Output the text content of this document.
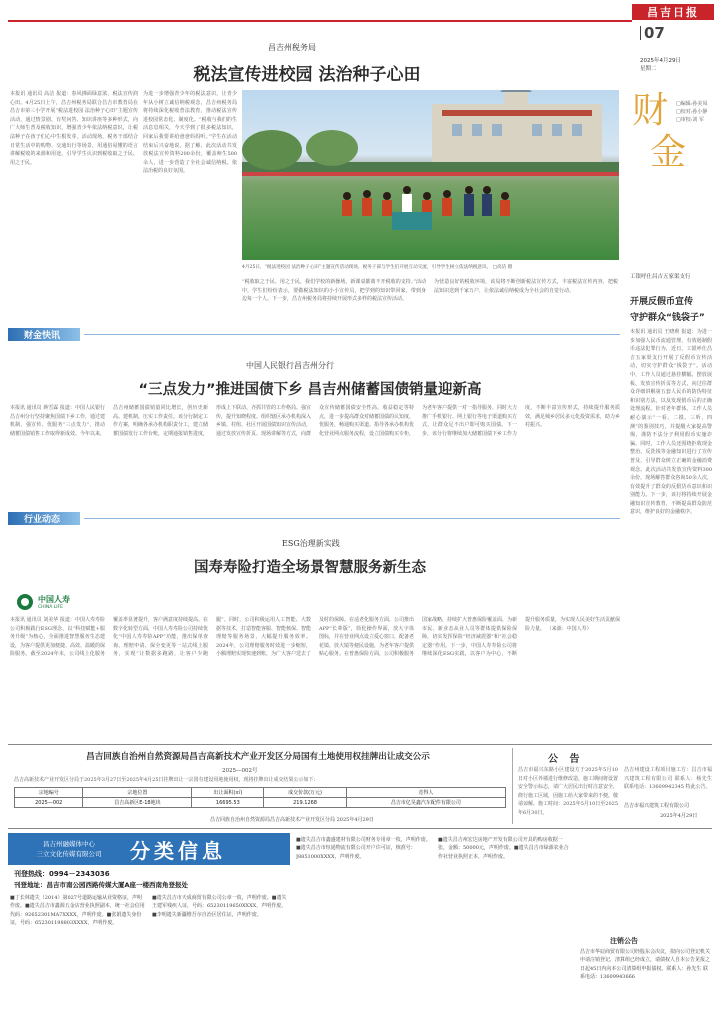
昌吉日报
07
2025年4月29日
星期二
财
金
□编辑:孙美凤
□校对:孙小静
□审校:刘 军
昌吉州税务局
税法宣传进校园 法治种子心田
本报讯 通讯员 高洁 报道：春风拂面绿意浓，税法宣传润心田。4月25日上午，昌吉州税务局联合昌吉市教育局在昌吉市第三小学开展“税法进校园 法治种子心田”主题宣传活动，通过情景剧、有奖问答、知识讲座等多种形式，向广大师生普及税收知识，增强青少年依法纳税意识，让税法种子在孩子们心中生根发芽。活动现场，税务干部结合日常生活中的购物、交通出行等场景，用通俗易懂的语言讲解税收的来源和用途，引导学生认识到税收取之于民、用之于民。
为进一步增强青少年的税法意识，让青少年从小树立诚信纳税观念，昌吉州税务局将持续深化税收普法教育，推动税法宣传进校园常态化、制度化。“税收与我们的生活息息相关，今天学到了很多税法知识，回家后我要讲给爸爸妈妈听。”学生在活动结束后兴奋地说。据了解，此次活动共发放税法宣传资料200余份，覆盖师生500余人，进一步营造了全社会诚信纳税、依法治税的良好氛围。
4月25日，“税法进校园 法治种子心田”主题宣传活动现场，税务干部与学生们开展互动交流，引导学生树立依法纳税意识。 □高洁 摄
“税收取之于民、用之于民，我们学校的新操场、新课桌都离不开税收的支持。”活动中，学生们纷纷表示，要做税法知识的小小宣传员，把学到的知识带回家，带到身边每一个人。下一步，昌吉州税务局将持续开展形式多样的税法宣传活动。
为营造良好的税收环境，该局将不断创新税法宣传方式，丰富税法宣传内容，把税法知识送到千家万户，让依法诚信纳税成为全社会的自觉行动。
财金快讯
中国人民银行昌吉州分行
“三点发力”推进国债下乡 昌吉州储蓄国债销量迎新高
本报讯 通讯员 蒋雪霖 报道：中国人民银行昌吉州分行坚持聚焦国债下乡工作，通过建机制、强宣传、优服务“三点发力”，推动储蓄国债销售工作取得新成效。今年以来，昌吉州储蓄国债销量同比增长，创历史新高。建机制，压实工作责任。该分行制定工作方案，明确各承办机构职责分工，建立储蓄国债发行工作台账，定期通报销售进度，形成上下联动、齐抓共管的工作格局。强宣传，提升知晓程度。组织辖区承办机构深入乡镇、村组、社区开展国债知识宣传活动，通过发放宣传折页、现场讲解等方式，向群众宣传储蓄国债安全性高、收益稳定等特点，进一步提高群众对储蓄国债的认知度。优服务，畅通购买渠道。指导各承办机构优化营业网点服务流程，设立国债购买专柜，为老年客户提供一对一指导服务，同时大力推广手机银行、网上银行等电子渠道购买方式，让群众足不出户即可购买国债。下一步，该分行将继续加大储蓄国债下乡工作力度，不断丰富宣传形式，持续提升服务质效，满足城乡居民多元化投资需求，助力乡村振兴。
行业动态
ESG治理新实践
国寿寿险打造全场景智慧服务新生态
中国人寿
CHINA LIFE
本报讯 通讯员 刘美华 报道：中国人寿寿险公司积极践行ESG理念，以“科技赋能+服务升级”为核心，全面推进智慧服务生态建设，为客户提供更加便捷、高效、温暖的保险服务。截至2024年末，公司线上化服务覆盖率显著提升，客户满意度持续提高。在数字化转型方面，中国人寿寿险公司持续优化“中国人寿寿险APP”功能，推出保单查询、理赔申请、保全变更等一站式线上服务，实现“让数据多跑路，让客户少跑腿”。同时，公司积极运用人工智能、大数据等技术，打造智能客服、智能核保、智能理赔等服务场景，大幅提升服务效率。2024年，公司理赔服务时效进一步缩短，小额理赔实现快速到账，为广大客户送去了及时的保障。在适老化服务方面，公司推出APP“长辈版”，简化操作界面，放大字体图标，并在营业网点设立爱心窗口，配备老花镜、放大镜等便民设施，为老年客户提供贴心服务。在普惠保险方面，公司积极服务国家战略，持续扩大普惠保险覆盖面，为新市民、新业态从业人员等群体提供保险保障，切实发挥保险“经济减震器”和“社会稳定器”作用。下一步，中国人寿寿险公司将继续深化ESG实践，以客户为中心，不断提升服务质量，为实现人民美好生活贡献保险力量。 （来源：中国人寿）
工银呼仕昌吉五家渠支行
开展反假币宣传
守护群众“钱袋子”
本报讯 通讯员 王晓莉 报道：为进一步加强人民币流通管理，有效遏制假币违法犯罪行为，近日，工银呼仕昌吉五家渠支行开展了反假币宣传活动，切实守护群众“钱袋子”。活动中，工作人员通过悬挂横幅、摆放展板、发放宣传折页等方式，向过往群众详细讲解第五套人民币的防伪特征和识别方法，以及发现假币后的正确处理流程。针对老年群体，工作人员耐心演示“一看、二摸、三听、四测”的鉴别技巧，并提醒大家提高警惕，谨防不法分子利用假币实施诈骗。同时，工作人员还围绕拒收现金整治、反洗钱等金融知识进行了宣传普及，引导群众树立正确的金融消费观念。此次活动共发放宣传资料300余份，现场解答群众咨询50余人次，有效提升了群众的反假货币意识和识别能力。下一步，该行将持续开展金融知识宣传教育，不断提高群众防范意识，维护良好的金融秩序。
昌吉回族自治州自然资源局昌吉高新技术产业开发区分局国有土地使用权挂牌出让成交公示
2025—002号
昌吉高新技术产业开发区分局于2025年3月27日至2025年4月25日挂牌出让一宗国有建设用地使用权，现将挂牌出让成交结果公示如下：
宗地编号	宗地位置	出让面积(㎡)	成交价款(万元)	竞得人
2025—002	昌吉高新区E-18地块	16695.53	219.1268	昌吉市亿昊鑫汽车配件有限公司
昌吉回族自治州自然资源局昌吉高新技术产业开发区分局 2025年4月29日
公 告
昌吉市福兴东路小区建设方于2025年5月10日对小区外墙进行维修改造，施工期间将设置安全警示标志，请广大居民出行时注意安全，绕行施工区域，因施工给大家带来的不便，敬请谅解。施工时间：2025年5月10日至2025年6月30日。
昌吉州建设工程项目施工方：昌吉市福兴建筑工程有限公司 联系人：杨先生 联系电话：13609942345 特此公告。
昌吉市福兴建筑工程有限公司
2025年4月29日
昌吉州融媒体中心
三立文化传媒有限公司	分类信息
刊登热线：0994－2343036
刊登地址：昌吉市南公园西路传媒大厦A座一楼西南角登报处
■丁长林遗失（2014）第027号道路运输从业资格证，声明作废。■遗失昌吉市鑫源五金店营业执照副本，统一社会信用代码：92652301MA7XXXX，声明作废。■张娟遗失身份证，号码：652301198803XXXX，声明作废。
■遗失昌吉市天成商贸有限公司公章一枚，声明作废。■遗失王建军残疾人证，号码：65230119650XXXX，声明作废。■李明遗失新疆维吾尔自治区居住证，声明作废。
■遗失昌吉市鑫盛建材有限公司财务专用章一枚，声明作废。■遗失昌吉市恒通物流有限公司开户许可证，核准号：J8851000XXXX，声明作废。
■遗失昌吉州宏达房地产开发有限公司开具的购房收据一张，金额：50000元，声明作废。■遗失昌吉市绿源农业合作社营业执照正本，声明作废。
注销公告
昌吉市华辰商贸有限公司经股东会决议，拟向公司登记机关申请注销登记，清算组已经成立，请债权人自本公告见报之日起45日内向本公司清算组申报债权。联系人：孙先生 联系电话：13609943666
